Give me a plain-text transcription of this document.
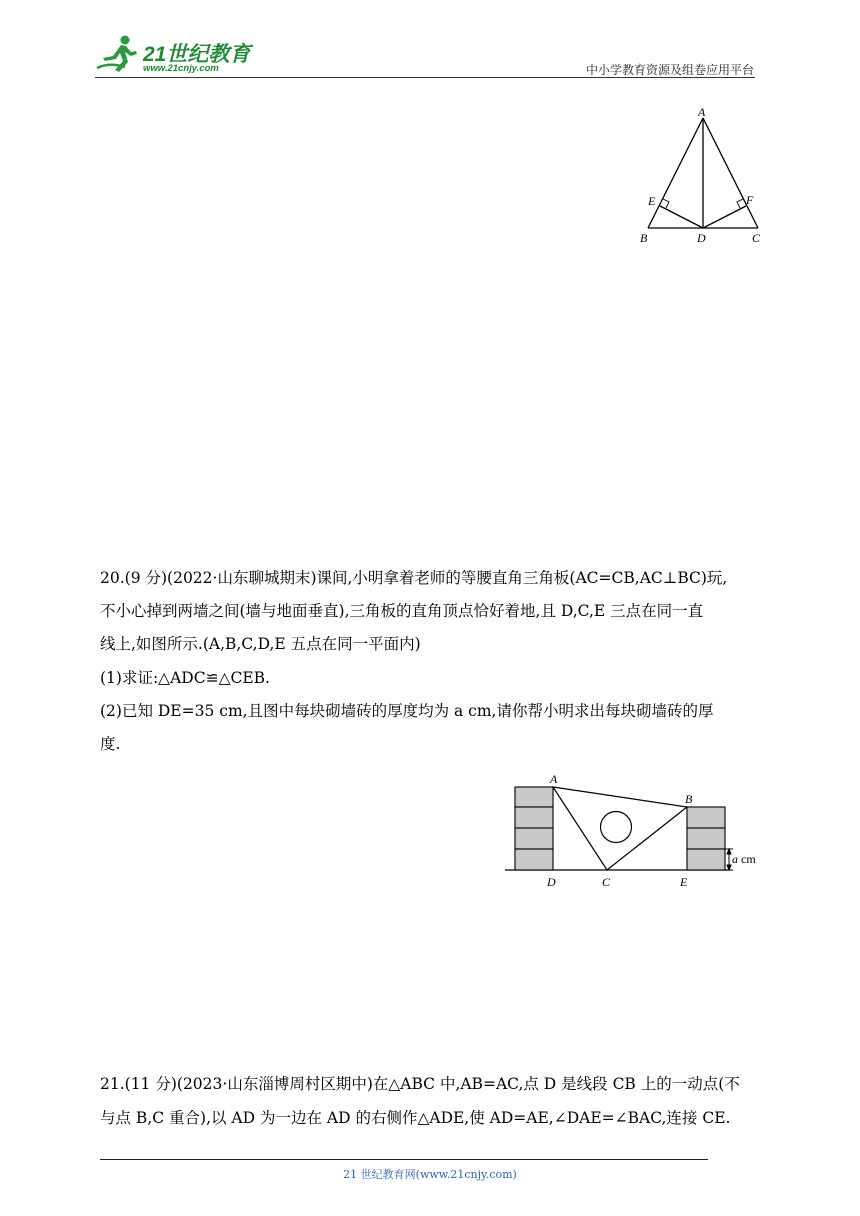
21世纪教育
www.21cnjy.com	中小学教育资源及组卷应用平台
A
E	F
B	D	C
20.(9 分)(2022·山东聊城期末)课间,小明拿着老师的等腰直角三角板(AC=CB,AC⊥BC)玩,
不小心掉到两墙之间(墙与地面垂直),三角板的直角顶点恰好着地,且 D,C,E 三点在同一直
线上,如图所示.(A,B,C,D,E 五点在同一平面内)
(1)求证:△ADC≌△CEB.
(2)已知 DE=35 cm,且图中每块砌墙砖的厚度均为 a cm,请你帮小明求出每块砌墙砖的厚
度.
a cm
A
B
D	C	E
21.(11 分)(2023·山东淄博周村区期中)在△ABC 中,AB=AC,点 D 是线段 CB 上的一动点(不
与点 B,C 重合),以 AD 为一边在 AD 的右侧作△ADE,使 AD=AE,∠DAE=∠BAC,连接 CE.
21 世纪教育网(www.21cnjy.com)
